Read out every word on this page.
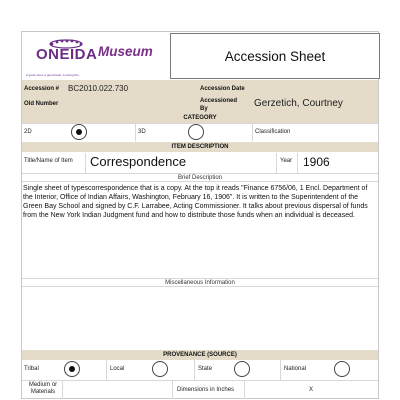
ONEIDA
A good mind. A good heart. A strong fire.
Museum	Accession Sheet
Accession # BC2010.022.730	Accession Date
Old Number	Accessioned By	Gerzetich, Courtney
CATEGORY
2D	3D	Classification
ITEM DESCRIPTION
Title/Name of Item Correspondence	Year 1906
Brief Description
Single sheet of typescorrespondence that is a copy. At the top it reads "Finance 6756/06, 1 Encl. Department of the Interior, Office of Indian Affairs, Washington, February 16, 1906". It is written to the Superintendent of the Green Bay School and signed by C.F. Larrabee, Acting Commissioner. It talks about previous dispersal of funds from the New York Indian Judgment fund and how to distribute those funds when an individual is deceased.
Miscellaneous Information
PROVENANCE (SOURCE)
Tribal	Local	State	National
Medium or Materials	Dimensions in Inches	X
